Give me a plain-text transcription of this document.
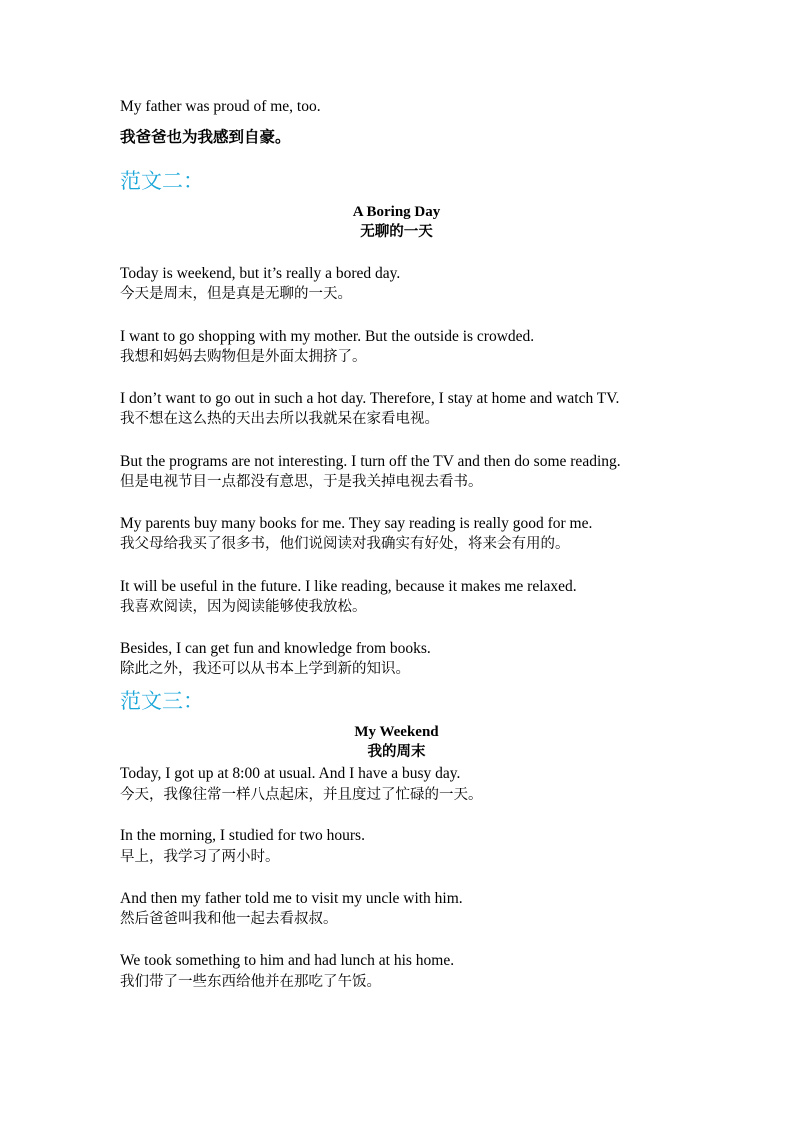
My father was proud of me, too.
我爸爸也为我感到自豪。
范文二：
A Boring Day
无聊的一天
Today is weekend, but it’s really a bored day.
今天是周末，但是真是无聊的一天。
I want to go shopping with my mother. But the outside is crowded.
我想和妈妈去购物但是外面太拥挤了。
I don’t want to go out in such a hot day. Therefore, I stay at home and watch TV.
我不想在这么热的天出去所以我就呆在家看电视。
But the programs are not interesting. I turn off the TV and then do some reading.
但是电视节目一点都没有意思，于是我关掉电视去看书。
My parents buy many books for me. They say reading is really good for me.
我父母给我买了很多书，他们说阅读对我确实有好处，将来会有用的。
It will be useful in the future. I like reading, because it makes me relaxed.
我喜欢阅读，因为阅读能够使我放松。
Besides, I can get fun and knowledge from books.
除此之外，我还可以从书本上学到新的知识。
范文三：
My Weekend
我的周末
Today, I got up at 8:00 at usual. And I have a busy day.
今天，我像往常一样八点起床，并且度过了忙碌的一天。
In the morning, I studied for two hours.
早上，我学习了两小时。
And then my father told me to visit my uncle with him.
然后爸爸叫我和他一起去看叔叔。
We took something to him and had lunch at his home.
我们带了一些东西给他并在那吃了午饭。
